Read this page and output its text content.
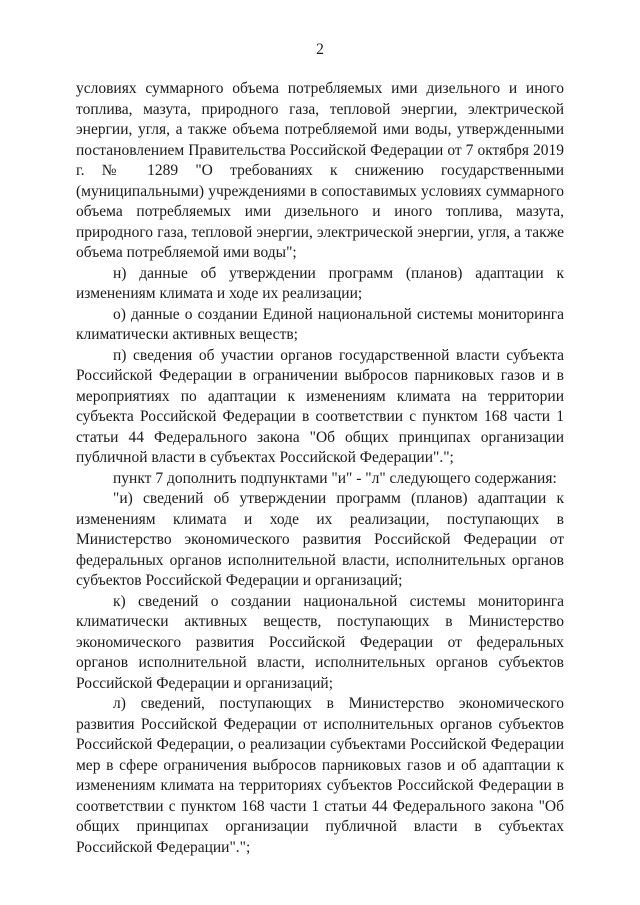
2

условиях суммарного объема потребляемых ими дизельного и иного топлива, мазута, природного газа, тепловой энергии, электрической энергии, угля, а также объема потребляемой ими воды, утвержденными постановлением Правительства Российской Федерации от 7 октября 2019 г. № 1289 "О требованиях к снижению государственными (муниципальными) учреждениями в сопоставимых условиях суммарного объема потребляемых ими дизельного и иного топлива, мазута, природного газа, тепловой энергии, электрической энергии, угля, а также объема потребляемой ими воды";

н) данные об утверждении программ (планов) адаптации к изменениям климата и ходе их реализации;

о) данные о создании Единой национальной системы мониторинга климатически активных веществ;

п) сведения об участии органов государственной власти субъекта Российской Федерации в ограничении выбросов парниковых газов и в мероприятиях по адаптации к изменениям климата на территории субъекта Российской Федерации в соответствии с пунктом 168 части 1 статьи 44 Федерального закона "Об общих принципах организации публичной власти в субъектах Российской Федерации".";

пункт 7 дополнить подпунктами "и" - "л" следующего содержания:

"и) сведений об утверждении программ (планов) адаптации к изменениям климата и ходе их реализации, поступающих в Министерство экономического развития Российской Федерации от федеральных органов исполнительной власти, исполнительных органов субъектов Российской Федерации и организаций;

к) сведений о создании национальной системы мониторинга климатически активных веществ, поступающих в Министерство экономического развития Российской Федерации от федеральных органов исполнительной власти, исполнительных органов субъектов Российской Федерации и организаций;

л) сведений, поступающих в Министерство экономического развития Российской Федерации от исполнительных органов субъектов Российской Федерации, о реализации субъектами Российской Федерации мер в сфере ограничения выбросов парниковых газов и об адаптации к изменениям климата на территориях субъектов Российской Федерации в соответствии с пунктом 168 части 1 статьи 44 Федерального закона "Об общих принципах организации публичной власти в субъектах Российской Федерации".";
